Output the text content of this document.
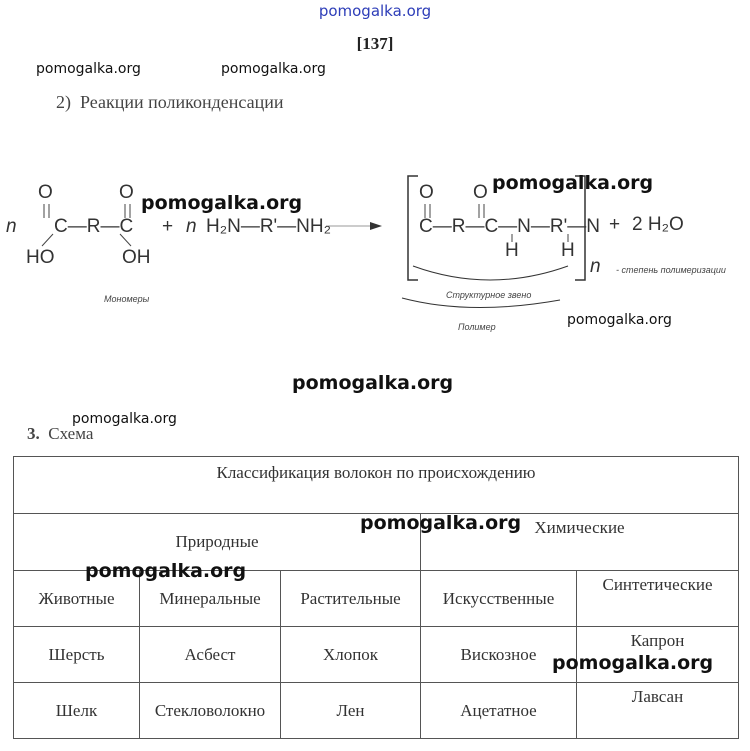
pomogalka.org
[137]
pomogalka.org	pomogalka.org
2) Реакции поликонденсации
n
O	O
C—R—C
HO	OH
+ n H₂N—R'—NH₂
Мономеры
O O
C—R—C—N—R'—N
H H
n
+ 2 H₂O
- степень полимеризации
Структурное звено
Полимер
pomogalka.org
pomogalka.org
pomogalka.org
pomogalka.org
pomogalka.org
3. Схема
Классификация волокон по происхождению				
Природные			Химические	
Животные	Минеральные	Растительные	Искусственные	Синтетические
Шерсть	Асбест	Хлопок	Вискозное	Капрон
Шелк	Стекловолокно	Лен	Ацетатное	Лавсан
pomogalka.org
pomogalka.org
pomogalka.org
